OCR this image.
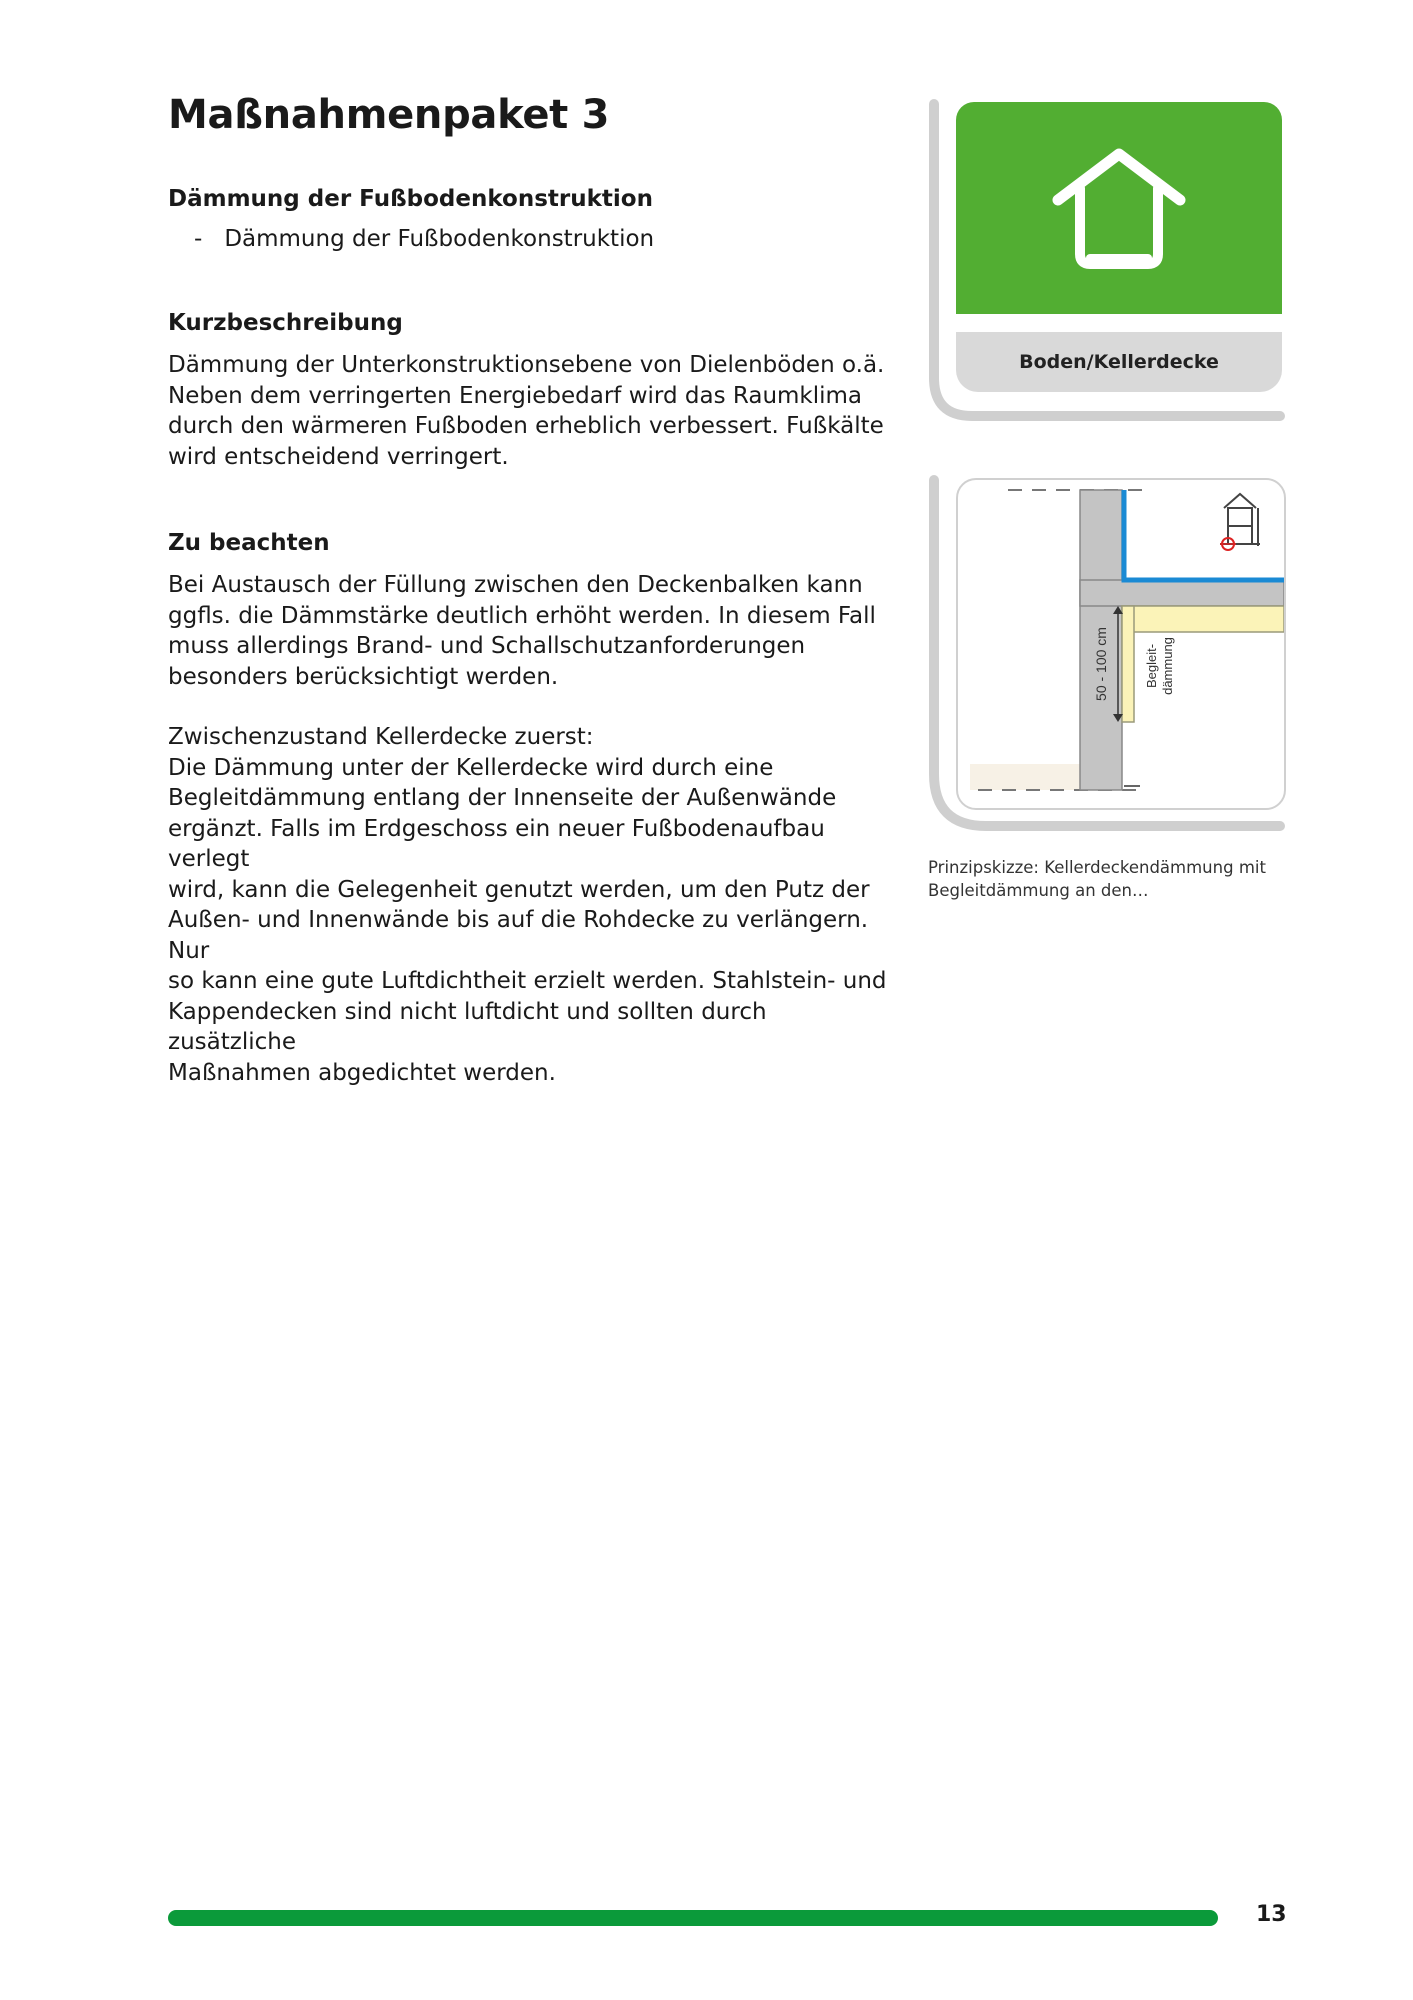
Maßnahmenpaket 3

Dämmung der Fußbodenkonstruktion

- Dämmung der Fußbodenkonstruktion

Kurzbeschreibung

Dämmung der Unterkonstruktionsebene von Dielenböden o.ä.

Neben dem verringerten Energiebedarf wird das Raumklima

durch den wärmeren Fußboden erheblich verbessert. Fußkälte

wird entscheidend verringert.

Zu beachten

Bei Austausch der Füllung zwischen den Deckenbalken kann

ggfls. die Dämmstärke deutlich erhöht werden. In diesem Fall

muss allerdings Brand- und Schallschutzanforderungen

besonders berücksichtigt werden.

Zwischenzustand Kellerdecke zuerst:

Die Dämmung unter der Kellerdecke wird durch eine

Begleitdämmung entlang der Innenseite der Außenwände

ergänzt. Falls im Erdgeschoss ein neuer Fußbodenaufbau verlegt

wird, kann die Gelegenheit genutzt werden, um den Putz der

Außen- und Innenwände bis auf die Rohdecke zu verlängern. Nur

so kann eine gute Luftdichtheit erzielt werden. Stahlstein- und

Kappendecken sind nicht luftdicht und sollten durch zusätzliche

Maßnahmen abgedichtet werden.

Boden/Kellerdecke
50 - 100 cm	Begleit- dämmung
Prinzipskizze: Kellerdeckendämmung mit
Begleitdämmung an den…
13
